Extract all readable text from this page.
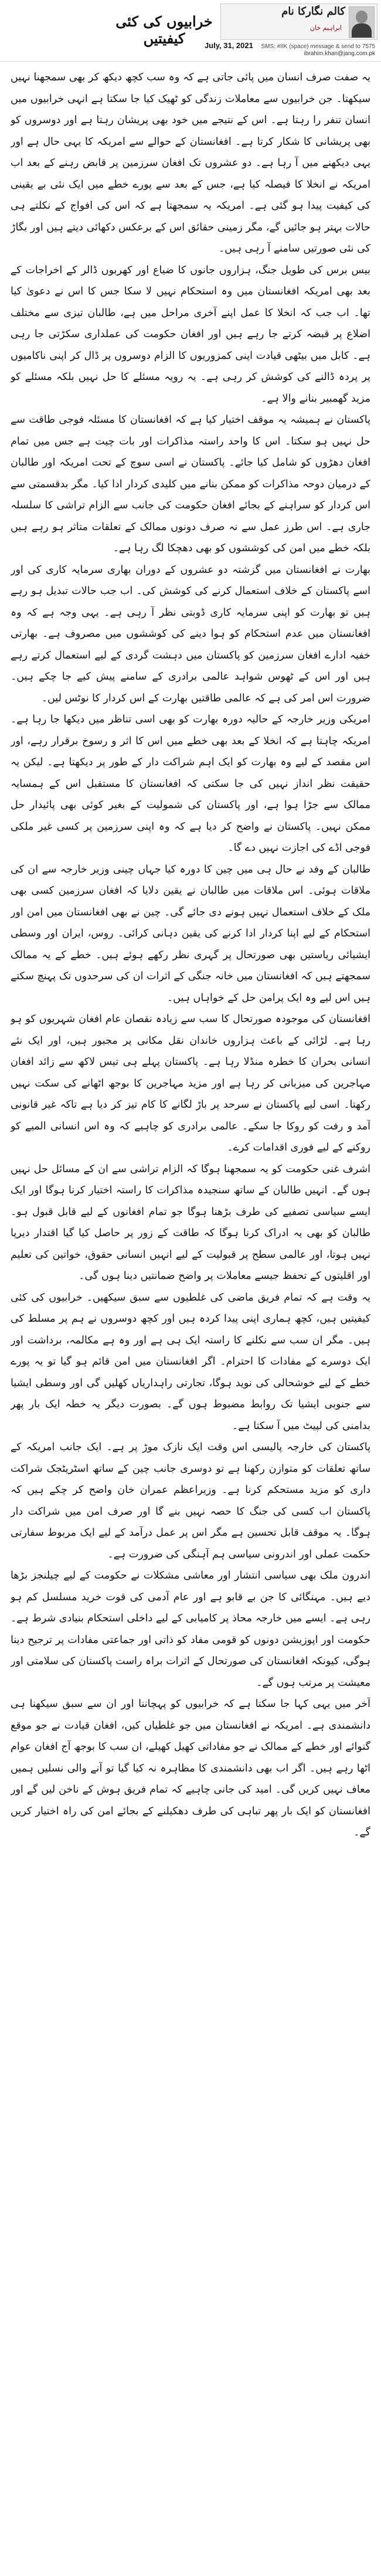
خرابیوں کی کئی کیفیتیں
کالم نگارکا نام
ابراہیم خان
July, 31, 2021 SMS: #IIK (space) message & send to 7575
ibrahim.khan@jang.com.pk

یہ صفت صرف انسان میں پائی جاتی ہے کہ وہ سب کچھ دیکھ کر بھی سمجھنا نہیں سیکھتا۔ جن خرابیوں سے معاملات زندگی کو ٹھیک کیا جا سکتا ہے انہی خرابیوں میں انسان تنفر را رہتا ہے۔ اس کے نتیجے میں خود بھی پریشان رہتا ہے اور دوسروں کو بھی پریشانی کا شکار کرتا ہے۔ افغانستان کے حوالے سے امریکہ کا یہی حال ہے اور یہی دیکھنے میں آ رہا ہے۔ دو عشروں تک افغان سرزمین پر قابض رہنے کے بعد اب امریکہ نے انخلا کا فیصلہ کیا ہے، جس کے بعد سے پورے خطے میں ایک نئی بے یقینی کی کیفیت پیدا ہو گئی ہے۔ امریکہ یہ سمجھتا ہے کہ اس کی افواج کے نکلتے ہی حالات بہتر ہو جائیں گے، مگر زمینی حقائق اس کے برعکس دکھائی دیتے ہیں اور بگاڑ کی نئی صورتیں سامنے آ رہی ہیں۔

بیس برس کی طویل جنگ، ہزاروں جانوں کا ضیاع اور کھربوں ڈالر کے اخراجات کے بعد بھی امریکہ افغانستان میں وہ استحکام نہیں لا سکا جس کا اس نے دعویٰ کیا تھا۔ اب جب کہ انخلا کا عمل اپنے آخری مراحل میں ہے، طالبان تیزی سے مختلف اضلاع پر قبضہ کرتے جا رہے ہیں اور افغان حکومت کی عملداری سکڑتی جا رہی ہے۔ کابل میں بیٹھی قیادت اپنی کمزوریوں کا الزام دوسروں پر ڈال کر اپنی ناکامیوں پر پردہ ڈالنے کی کوشش کر رہی ہے۔ یہ رویہ مسئلے کا حل نہیں بلکہ مسئلے کو مزید گھمبیر بنانے والا ہے۔

پاکستان نے ہمیشہ یہ موقف اختیار کیا ہے کہ افغانستان کا مسئلہ فوجی طاقت سے حل نہیں ہو سکتا۔ اس کا واحد راستہ مذاکرات اور بات چیت ہے جس میں تمام افغان دھڑوں کو شامل کیا جائے۔ پاکستان نے اسی سوچ کے تحت امریکہ اور طالبان کے درمیان دوحہ مذاکرات کو ممکن بنانے میں کلیدی کردار ادا کیا۔ مگر بدقسمتی سے اس کردار کو سراہنے کے بجائے افغان حکومت کی جانب سے الزام تراشی کا سلسلہ جاری ہے۔ اس طرز عمل سے نہ صرف دونوں ممالک کے تعلقات متاثر ہو رہے ہیں بلکہ خطے میں امن کی کوششوں کو بھی دھچکا لگ رہا ہے۔

بھارت نے افغانستان میں گزشتہ دو عشروں کے دوران بھاری سرمایہ کاری کی اور اسے پاکستان کے خلاف استعمال کرنے کی کوشش کی۔ اب جب حالات تبدیل ہو رہے ہیں تو بھارت کو اپنی سرمایہ کاری ڈوبتی نظر آ رہی ہے۔ یہی وجہ ہے کہ وہ افغانستان میں عدم استحکام کو ہوا دینے کی کوششوں میں مصروف ہے۔ بھارتی خفیہ ادارے افغان سرزمین کو پاکستان میں دہشت گردی کے لیے استعمال کرتے رہے ہیں اور اس کے ٹھوس شواہد عالمی برادری کے سامنے پیش کیے جا چکے ہیں۔ ضرورت اس امر کی ہے کہ عالمی طاقتیں بھارت کے اس کردار کا نوٹس لیں۔

امریکی وزیر خارجہ کے حالیہ دورہ بھارت کو بھی اسی تناظر میں دیکھا جا رہا ہے۔ امریکہ چاہتا ہے کہ انخلا کے بعد بھی خطے میں اس کا اثر و رسوخ برقرار رہے، اور اس مقصد کے لیے وہ بھارت کو ایک اہم شراکت دار کے طور پر دیکھتا ہے۔ لیکن یہ حقیقت نظر انداز نہیں کی جا سکتی کہ افغانستان کا مستقبل اس کے ہمسایہ ممالک سے جڑا ہوا ہے، اور پاکستان کی شمولیت کے بغیر کوئی بھی پائیدار حل ممکن نہیں۔ پاکستان نے واضح کر دیا ہے کہ وہ اپنی سرزمین پر کسی غیر ملکی فوجی اڈے کی اجازت نہیں دے گا۔

طالبان کے وفد نے حال ہی میں چین کا دورہ کیا جہاں چینی وزیر خارجہ سے ان کی ملاقات ہوئی۔ اس ملاقات میں طالبان نے یقین دلایا کہ افغان سرزمین کسی بھی ملک کے خلاف استعمال نہیں ہونے دی جائے گی۔ چین نے بھی افغانستان میں امن اور استحکام کے لیے اپنا کردار ادا کرنے کی یقین دہانی کرائی۔ روس، ایران اور وسطی ایشیائی ریاستیں بھی صورتحال پر گہری نظر رکھے ہوئے ہیں۔ خطے کے یہ ممالک سمجھتے ہیں کہ افغانستان میں خانہ جنگی کے اثرات ان کی سرحدوں تک پہنچ سکتے ہیں اس لیے وہ ایک پرامن حل کے خواہاں ہیں۔

افغانستان کی موجودہ صورتحال کا سب سے زیادہ نقصان عام افغان شہریوں کو ہو رہا ہے۔ لڑائی کے باعث ہزاروں خاندان نقل مکانی پر مجبور ہیں، اور ایک نئے انسانی بحران کا خطرہ منڈلا رہا ہے۔ پاکستان پہلے ہی تیس لاکھ سے زائد افغان مہاجرین کی میزبانی کر رہا ہے اور مزید مہاجرین کا بوجھ اٹھانے کی سکت نہیں رکھتا۔ اسی لیے پاکستان نے سرحد پر باڑ لگانے کا کام تیز کر دیا ہے تاکہ غیر قانونی آمد و رفت کو روکا جا سکے۔ عالمی برادری کو چاہیے کہ وہ اس انسانی المیے کو روکنے کے لیے فوری اقدامات کرے۔

اشرف غنی حکومت کو یہ سمجھنا ہوگا کہ الزام تراشی سے ان کے مسائل حل نہیں ہوں گے۔ انہیں طالبان کے ساتھ سنجیدہ مذاکرات کا راستہ اختیار کرنا ہوگا اور ایک ایسے سیاسی تصفیے کی طرف بڑھنا ہوگا جو تمام افغانوں کے لیے قابل قبول ہو۔ طالبان کو بھی یہ ادراک کرنا ہوگا کہ طاقت کے زور پر حاصل کیا گیا اقتدار دیرپا نہیں ہوتا، اور عالمی سطح پر قبولیت کے لیے انہیں انسانی حقوق، خواتین کی تعلیم اور اقلیتوں کے تحفظ جیسے معاملات پر واضح ضمانتیں دینا ہوں گی۔

یہ وقت ہے کہ تمام فریق ماضی کی غلطیوں سے سبق سیکھیں۔ خرابیوں کی کئی کیفیتیں ہیں، کچھ ہماری اپنی پیدا کردہ ہیں اور کچھ دوسروں نے ہم پر مسلط کی ہیں۔ مگر ان سب سے نکلنے کا راستہ ایک ہی ہے اور وہ ہے مکالمہ، برداشت اور ایک دوسرے کے مفادات کا احترام۔ اگر افغانستان میں امن قائم ہو گیا تو یہ پورے خطے کے لیے خوشحالی کی نوید ہوگا، تجارتی راہداریاں کھلیں گی اور وسطی ایشیا سے جنوبی ایشیا تک روابط مضبوط ہوں گے۔ بصورت دیگر یہ خطہ ایک بار پھر بدامنی کی لپیٹ میں آ سکتا ہے۔

پاکستان کی خارجہ پالیسی اس وقت ایک نازک موڑ پر ہے۔ ایک جانب امریکہ کے ساتھ تعلقات کو متوازن رکھنا ہے تو دوسری جانب چین کے ساتھ اسٹریٹجک شراکت داری کو مزید مستحکم کرنا ہے۔ وزیراعظم عمران خان واضح کر چکے ہیں کہ پاکستان اب کسی کی جنگ کا حصہ نہیں بنے گا اور صرف امن میں شراکت دار ہوگا۔ یہ موقف قابل تحسین ہے مگر اس پر عمل درآمد کے لیے ایک مربوط سفارتی حکمت عملی اور اندرونی سیاسی ہم آہنگی کی ضرورت ہے۔

اندرون ملک بھی سیاسی انتشار اور معاشی مشکلات نے حکومت کے لیے چیلنجز بڑھا دیے ہیں۔ مہنگائی کا جن بے قابو ہے اور عام آدمی کی قوت خرید مسلسل کم ہو رہی ہے۔ ایسے میں خارجہ محاذ پر کامیابی کے لیے داخلی استحکام بنیادی شرط ہے۔ حکومت اور اپوزیشن دونوں کو قومی مفاد کو ذاتی اور جماعتی مفادات پر ترجیح دینا ہوگی، کیونکہ افغانستان کی صورتحال کے اثرات براہ راست پاکستان کی سلامتی اور معیشت پر مرتب ہوں گے۔

آخر میں یہی کہا جا سکتا ہے کہ خرابیوں کو پہچاننا اور ان سے سبق سیکھنا ہی دانشمندی ہے۔ امریکہ نے افغانستان میں جو غلطیاں کیں، افغان قیادت نے جو موقع گنوائے اور خطے کے ممالک نے جو مفاداتی کھیل کھیلے، ان سب کا بوجھ آج افغان عوام اٹھا رہے ہیں۔ اگر اب بھی دانشمندی کا مظاہرہ نہ کیا گیا تو آنے والی نسلیں ہمیں معاف نہیں کریں گی۔ امید کی جانی چاہیے کہ تمام فریق ہوش کے ناخن لیں گے اور افغانستان کو ایک بار پھر تباہی کی طرف دھکیلنے کے بجائے امن کی راہ اختیار کریں گے۔
